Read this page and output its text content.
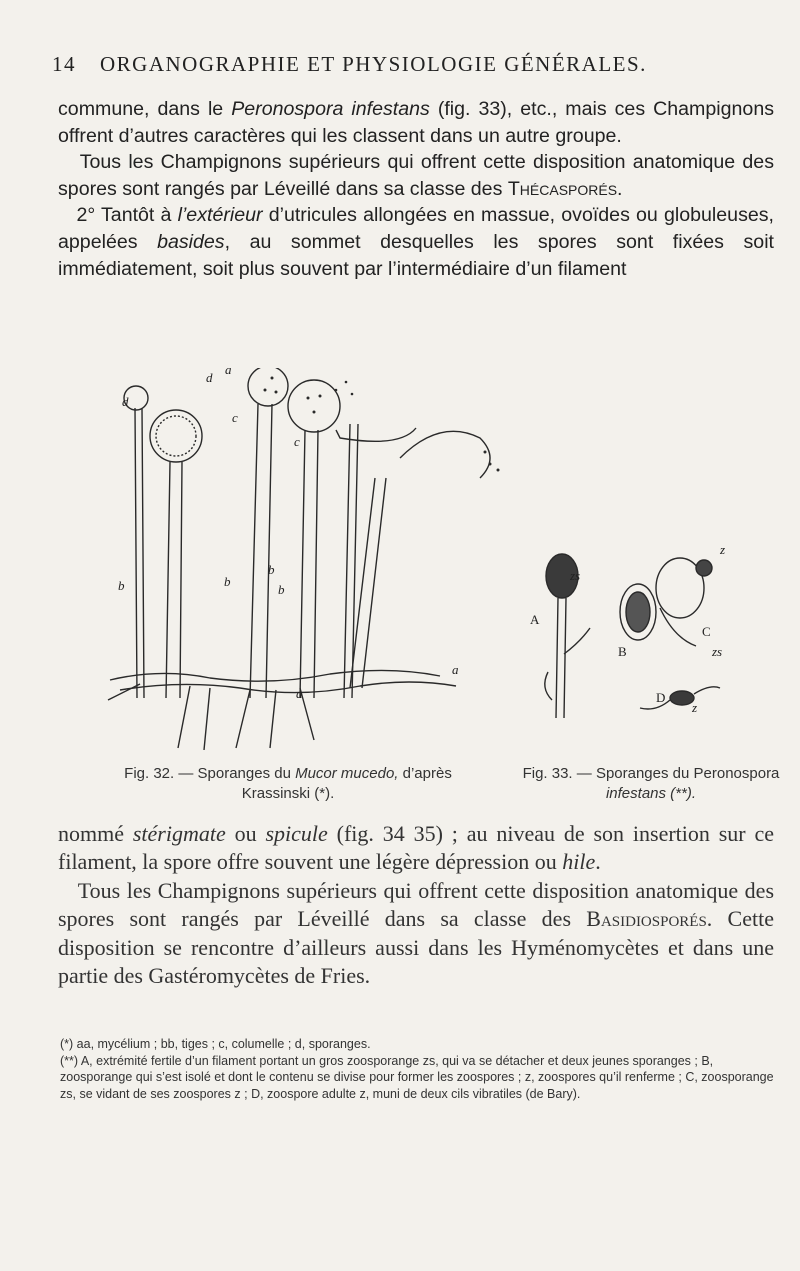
14 ORGANOGRAPHIE ET PHYSIOLOGIE GÉNÉRALES.

commune, dans le Peronospora infestans (fig. 33), etc., mais ces Champignons offrent d’autres caractères qui les classent dans un autre groupe.

Tous les Champignons supérieurs qui offrent cette disposition anatomique des spores sont rangés par Léveillé dans sa classe des Thécasporés.

2° Tantôt à l’extérieur d’utricules allongées en massue, ovoïdes ou globuleuses, appelées basides, au sommet desquelles les spores sont fixées soit immédiatement, soit plus souvent par l’intermédiaire d’un filament

a
d
d
c
c
b	b
b
b
a
a
zs
A
B
C
zs
D
z
z
Fig. 32. — Sporanges du Mucor mucedo, d’après
Krassinski (*).
Fig. 33. — Sporanges du Peronospora
infestans (**).

nommé stérigmate ou spicule (fig. 34 35) ; au niveau de son insertion sur ce filament, la spore offre souvent une légère dépression ou hile.

Tous les Champignons supérieurs qui offrent cette disposition anatomique des spores sont rangés par Léveillé dans sa classe des Basidiosporés. Cette disposition se rencontre d’ailleurs aussi dans les Hyménomycètes et dans une partie des Gastéromycètes de Fries.

(*) aa, mycélium ; bb, tiges ; c, columelle ; d, sporanges.

(**) A, extrémité fertile d’un filament portant un gros zoosporange zs, qui va se détacher et deux jeunes sporanges ; B, zoosporange qui s’est isolé et dont le contenu se divise pour former les zoospores ; z, zoospores qu’il renferme ; C, zoosporange zs, se vidant de ses zoospores z ; D, zoospore adulte z, muni de deux cils vibratiles (de Bary).
